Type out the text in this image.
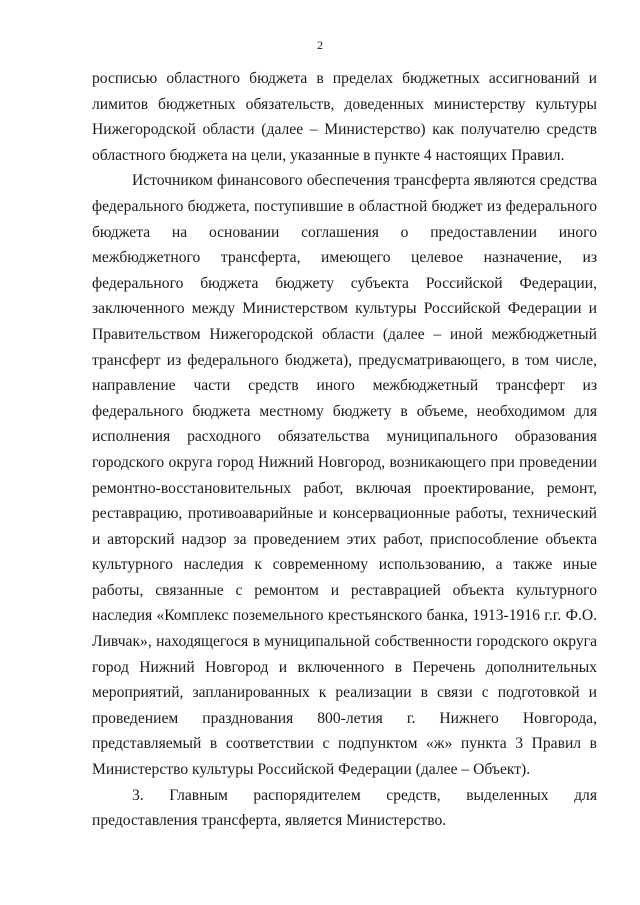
2

росписью областного бюджета в пределах бюджетных ассигнований и лимитов бюджетных обязательств, доведенных министерству культуры Нижегородской области (далее – Министерство) как получателю средств областного бюджета на цели, указанные в пункте 4 настоящих Правил.

Источником финансового обеспечения трансферта являются средства федерального бюджета, поступившие в областной бюджет из федерального бюджета на основании соглашения о предоставлении иного межбюджетного трансферта, имеющего целевое назначение, из федерального бюджета бюджету субъекта Российской Федерации, заключенного между Министерством культуры Российской Федерации и Правительством Нижегородской области (далее – иной межбюджетный трансферт из федерального бюджета), предусматривающего, в том числе, направление части средств иного межбюджетный трансферт из федерального бюджета местному бюджету в объеме, необходимом для исполнения расходного обязательства муниципального образования городского округа город Нижний Новгород, возникающего при проведении ремонтно-восстановительных работ, включая проектирование, ремонт, реставрацию, противоаварийные и консервационные работы, технический и авторский надзор за проведением этих работ, приспособление объекта культурного наследия к современному использованию, а также иные работы, связанные с ремонтом и реставрацией объекта культурного наследия «Комплекс поземельного крестьянского банка, 1913-1916 г.г. Ф.О. Ливчак», находящегося в муниципальной собственности городского округа город Нижний Новгород и включенного в Перечень дополнительных мероприятий, запланированных к реализации в связи с подготовкой и проведением празднования 800-летия г. Нижнего Новгорода, представляемый в соответствии с подпунктом «ж» пункта 3 Правил в Министерство культуры Российской Федерации (далее – Объект).

3. Главным распорядителем средств, выделенных для предоставления трансферта, является Министерство.
